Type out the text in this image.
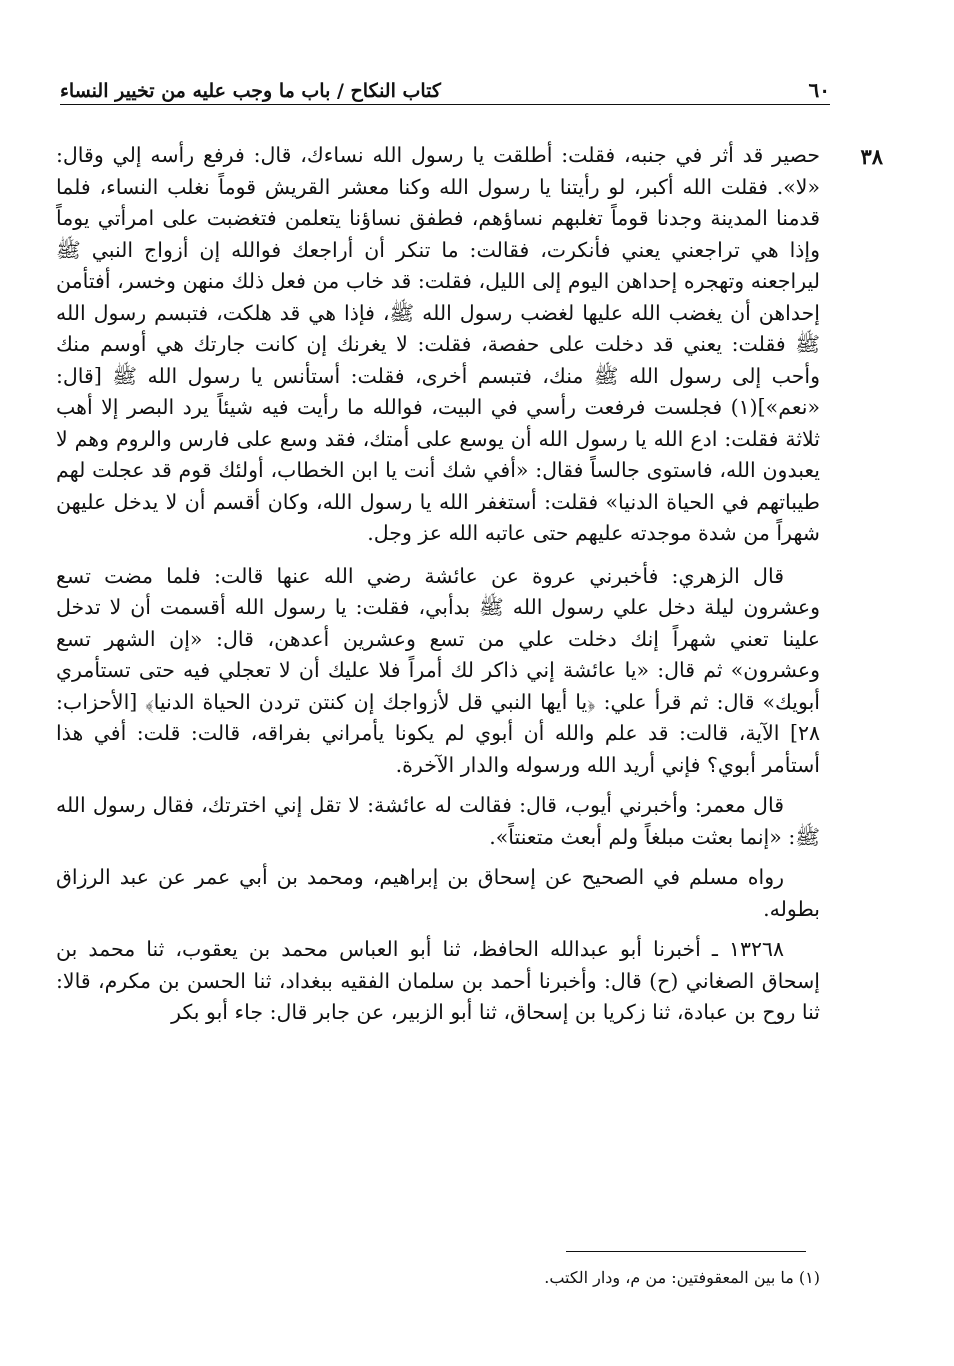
٦٠
كتاب النكاح / باب ما وجب عليه من تخيير النساء
٣٨

حصير قد أثر في جنبه، فقلت: أطلقت يا رسول الله نساءك، قال: فرفع رأسه إلي وقال: «لا». فقلت الله أكبر، لو رأيتنا يا رسول الله وكنا معشر القريش قوماً نغلب النساء، فلما قدمنا المدينة وجدنا قوماً تغلبهم نساؤهم، فطفق نساؤنا يتعلمن فتغضبت على امرأتي يوماً وإذا هي تراجعني يعني فأنكرت، فقالت: ما تنكر أن أراجعك فوالله إن أزواج النبي ﷺ ليراجعنه وتهجره إحداهن اليوم إلى الليل، فقلت: قد خاب من فعل ذلك منهن وخسر، أفتأمن إحداهن أن يغضب الله عليها لغضب رسول الله ﷺ، فإذا هي قد هلكت، فتبسم رسول الله ﷺ فقلت: يعني قد دخلت على حفصة، فقلت: لا يغرنك إن كانت جارتك هي أوسم منك وأحب إلى رسول الله ﷺ منك، فتبسم أخرى، فقلت: أستأنس يا رسول الله ﷺ [قال: «نعم»](١) فجلست فرفعت رأسي في البيت، فوالله ما رأيت فيه شيئاً يرد البصر إلا أهب ثلاثة فقلت: ادع الله يا رسول الله أن يوسع على أمتك، فقد وسع على فارس والروم وهم لا يعبدون الله، فاستوى جالساً فقال: «أفي شك أنت يا ابن الخطاب، أولئك قوم قد عجلت لهم طيباتهم في الحياة الدنيا» فقلت: أستغفر الله يا رسول الله، وكان أقسم أن لا يدخل عليهن شهراً من شدة موجدته عليهم حتى عاتبه الله عز وجل.

قال الزهري: فأخبرني عروة عن عائشة رضي الله عنها قالت: فلما مضت تسع وعشرون ليلة دخل علي رسول الله ﷺ بدأبي، فقلت: يا رسول الله أقسمت أن لا تدخل علينا تعني شهراً إنك دخلت علي من تسع وعشرين أعدهن، قال: «إن الشهر تسع وعشرون» ثم قال: «يا عائشة إني ذاكر لك أمراً فلا عليك أن لا تعجلي فيه حتى تستأمري أبويك» قال: ثم قرأ علي: ﴿يا أيها النبي قل لأزواجك إن كنتن تردن الحياة الدنيا﴾ [الأحزاب: ٢٨] الآية، قالت: قد علم والله أن أبوي لم يكونا يأمراني بفراقه، قالت: قلت: أفي هذا أستأمر أبوي؟ فإني أريد الله ورسوله والدار الآخرة.

قال معمر: وأخبرني أيوب، قال: فقالت له عائشة: لا تقل إني اخترتك، فقال رسول الله ﷺ: «إنما بعثت مبلغاً ولم أبعث متعنتاً».

رواه مسلم في الصحيح عن إسحاق بن إبراهيم، ومحمد بن أبي عمر عن عبد الرزاق بطوله.

١٣٢٦٨ ـ أخبرنا أبو عبدالله الحافظ، ثنا أبو العباس محمد بن يعقوب، ثنا محمد بن إسحاق الصغاني (ح) قال: وأخبرنا أحمد بن سلمان الفقيه ببغداد، ثنا الحسن بن مكرم، قالا: ثنا روح بن عبادة، ثنا زكريا بن إسحاق، ثنا أبو الزبير، عن جابر قال: جاء أبو بكر

(١) ما بين المعقوفتين: من م، ودار الكتب.
